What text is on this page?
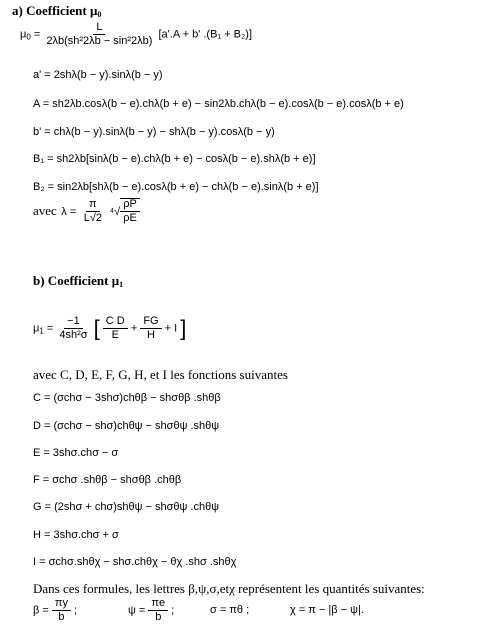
a) Coefficient $\mu_0$
$\mu_0 = \frac{L}{\text{2λb(sh²2λb − sin²2λb)}} [a'.A + b'$ .(B₁ + B₂)]
a' = 2shλ(b − y).sinλ(b − y)
A = sh2λb.cosλ(b − e).chλ(b + e) − sin2λb.chλ(b − e).cosλ(b − e).cosλ(b + e)
b' = chλ(b − y).sinλ(b − y) − shλ(b − y).cosλ(b − y)
B₁ = sh2λb[sinλ(b − e).chλ(b + e) − cosλ(b − e).shλ(b + e)]
B₂ = sin2λb[shλ(b − e).cosλ(b + e) − chλ(b − e).sinλ(b + e)]
avec $\lambda = \frac{\pi}{L√2} ^4√ \frac{\rho P}{\rho E}$
b) Coefficient $\mu_1$
$\mu_1 = \frac{-1}{\text{4sh²σ}}$ [ $\frac{\text{C D}}{E} + \frac{FG}{H} + I$ ]
avec C, D, E, F, G, H, et I les fonctions suivantes
C = (σchσ − 3shσ)chθβ − shσθβ .shθβ
D = (σchσ − shσ)chθψ − shσθψ .shθψ
E = 3shσ.chσ − σ
F = σchσ .shθβ − shσθβ .chθβ
G = (2shσ + chσ)shθψ − shσθψ .chθψ
H = 3shσ.chσ + σ
I = σchσ.shθχ − shσ.chθχ − θχ .shσ .shθχ
Dans ces formules, les lettres β,ψ,σ,etχ représentent les quantités suivantes:
$\beta = \frac{\pi y}{b}$ ;	$\psi = \frac{\pi e}{b}$ ;	σ = πθ ;	χ = π − |β − ψ|.
